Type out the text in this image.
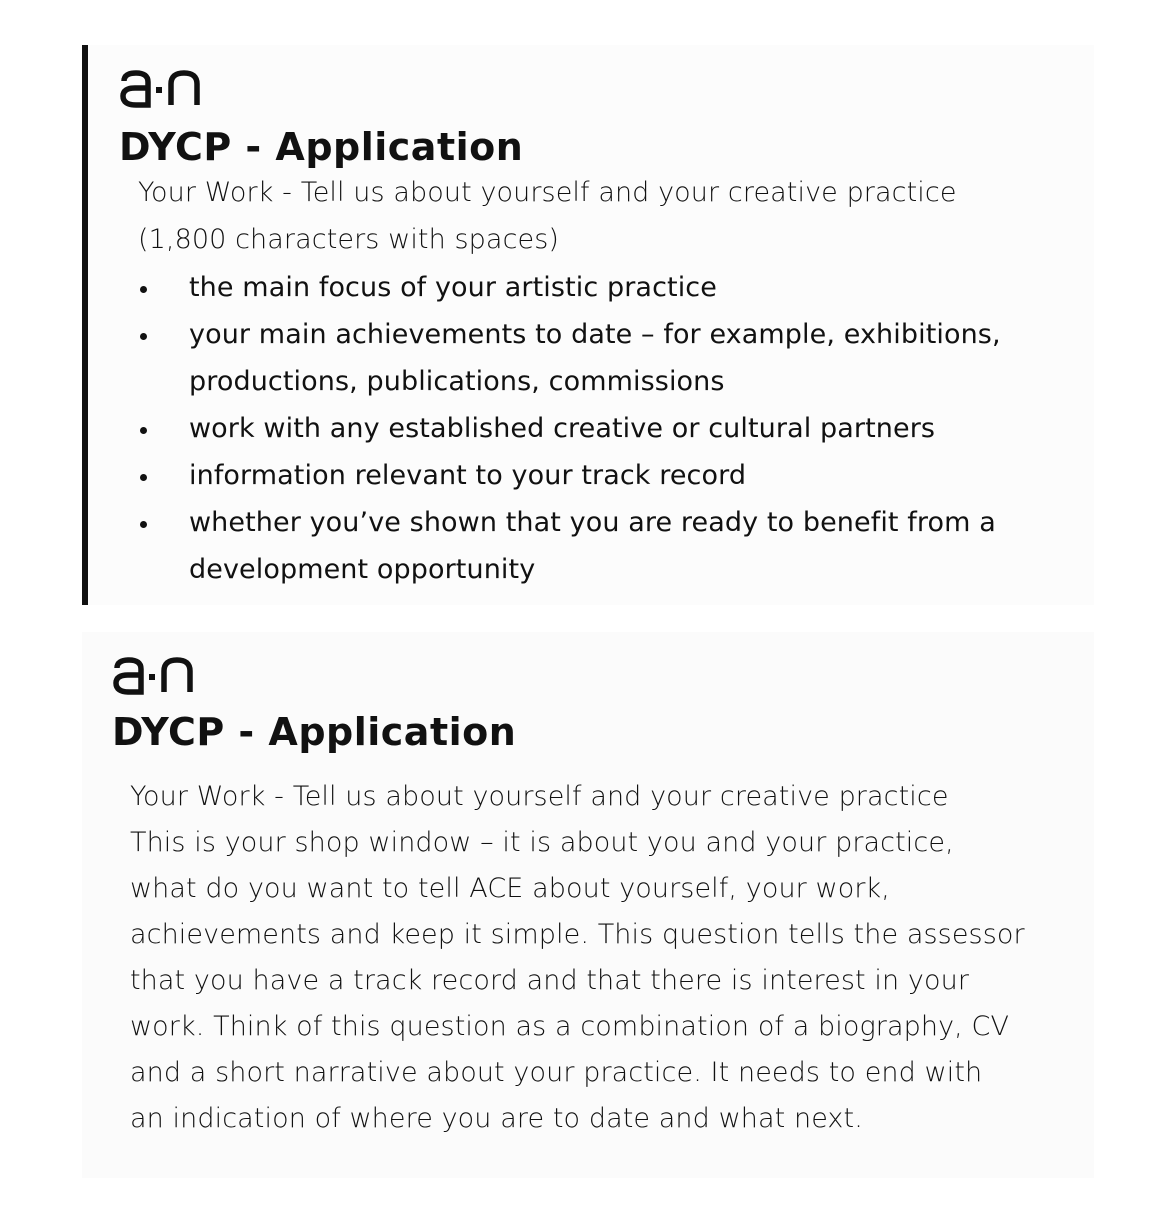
DYCP - Application

Your Work - Tell us about yourself and your creative practice

(1,800 characters with spaces)

the main focus of your artistic practice
your main achievements to date – for example, exhibitions,
productions, publications, commissions
work with any established creative or cultural partners
information relevant to your track record
whether you’ve shown that you are ready to benefit from a
development opportunity
DYCP - Application

Your Work - Tell us about yourself and your creative practice

This is your shop window – it is about you and your practice,

what do you want to tell ACE about yourself, your work,

achievements and keep it simple. This question tells the assessor

that you have a track record and that there is interest in your

work. Think of this question as a combination of a biography, CV

and a short narrative about your practice. It needs to end with

an indication of where you are to date and what next.
